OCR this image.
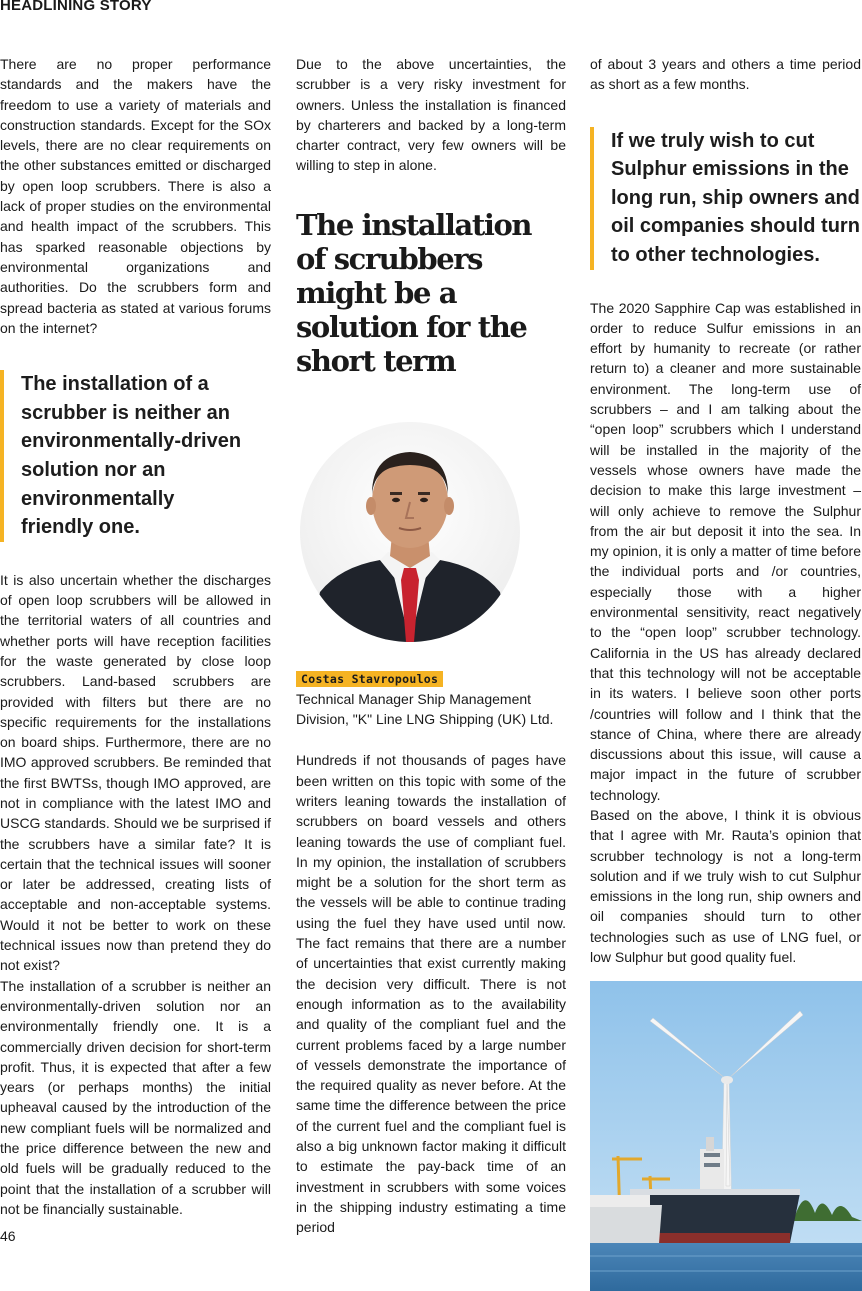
HEADLINING STORY

There are no proper performance standards and the makers have the freedom to use a variety of materials and construction standards. Except for the SOx levels, there are no clear requirements on the other substances emitted or discharged by open loop scrubbers. There is also a lack of proper studies on the environmental and health impact of the scrubbers. This has sparked reasonable objections by environmental organizations and authorities. Do the scrubbers form and spread bacteria as stated at various forums on the internet?

The installation of a scrubber is neither an environmentally-driven solution nor an environmentally friendly one.

It is also uncertain whether the discharges of open loop scrubbers will be allowed in the territorial waters of all countries and whether ports will have reception facilities for the waste generated by close loop scrubbers. Land-based scrubbers are provided with filters but there are no specific requirements for the installations on board ships. Furthermore, there are no IMO approved scrubbers. Be reminded that the first BWTSs, though IMO approved, are not in compliance with the latest IMO and USCG standards. Should we be surprised if the scrubbers have a similar fate? It is certain that the technical issues will sooner or later be addressed, creating lists of acceptable and non-acceptable systems. Would it not be better to work on these technical issues now than pretend they do not exist?

The installation of a scrubber is neither an environmentally-driven solution nor an environmentally friendly one. It is a commercially driven decision for short-term profit. Thus, it is expected that after a few years (or perhaps months) the initial upheaval caused by the introduction of the new compliant fuels will be normalized and the price difference between the new and old fuels will be gradually reduced to the point that the installation of a scrubber will not be financially sustainable.

Due to the above uncertainties, the scrubber is a very risky investment for owners. Unless the installation is financed by charterers and backed by a long-term charter contract, very few owners will be willing to step in alone.

The installation of scrubbers might be a solution for the short term
Costas Stavropoulos

Technical Manager Ship Management Division, "K" Line LNG Shipping (UK) Ltd.

Hundreds if not thousands of pages have been written on this topic with some of the writers leaning towards the installation of scrubbers on board vessels and others leaning towards the use of compliant fuel. In my opinion, the installation of scrubbers might be a solution for the short term as the vessels will be able to continue trading using the fuel they have used until now. The fact remains that there are a number of uncertainties that exist currently making the decision very difficult. There is not enough information as to the availability and quality of the compliant fuel and the current problems faced by a large number of vessels demonstrate the importance of the required quality as never before. At the same time the difference between the price of the current fuel and the compliant fuel is also a big unknown factor making it difficult to estimate the pay-back time of an investment in scrubbers with some voices in the shipping industry estimating a time period

of about 3 years and others a time period as short as a few months.

If we truly wish to cut Sulphur emissions in the long run, ship owners and oil companies should turn to other technologies.

The 2020 Sapphire Cap was established in order to reduce Sulfur emissions in an effort by humanity to recreate (or rather return to) a cleaner and more sustainable environment. The long-term use of scrubbers – and I am talking about the “open loop” scrubbers which I understand will be installed in the majority of the vessels whose owners have made the decision to make this large investment – will only achieve to remove the Sulphur from the air but deposit it into the sea. In my opinion, it is only a matter of time before the individual ports and /or countries, especially those with a higher environmental sensitivity, react negatively to the “open loop” scrubber technology. California in the US has already declared that this technology will not be acceptable in its waters. I believe soon other ports /countries will follow and I think that the stance of China, where there are already discussions about this issue, will cause a major impact in the future of scrubber technology.

Based on the above, I think it is obvious that I agree with Mr. Rauta’s opinion that scrubber technology is not a long-term solution and if we truly wish to cut Sulphur emissions in the long run, ship owners and oil companies should turn to other technologies such as use of LNG fuel, or low Sulphur but good quality fuel.

46
